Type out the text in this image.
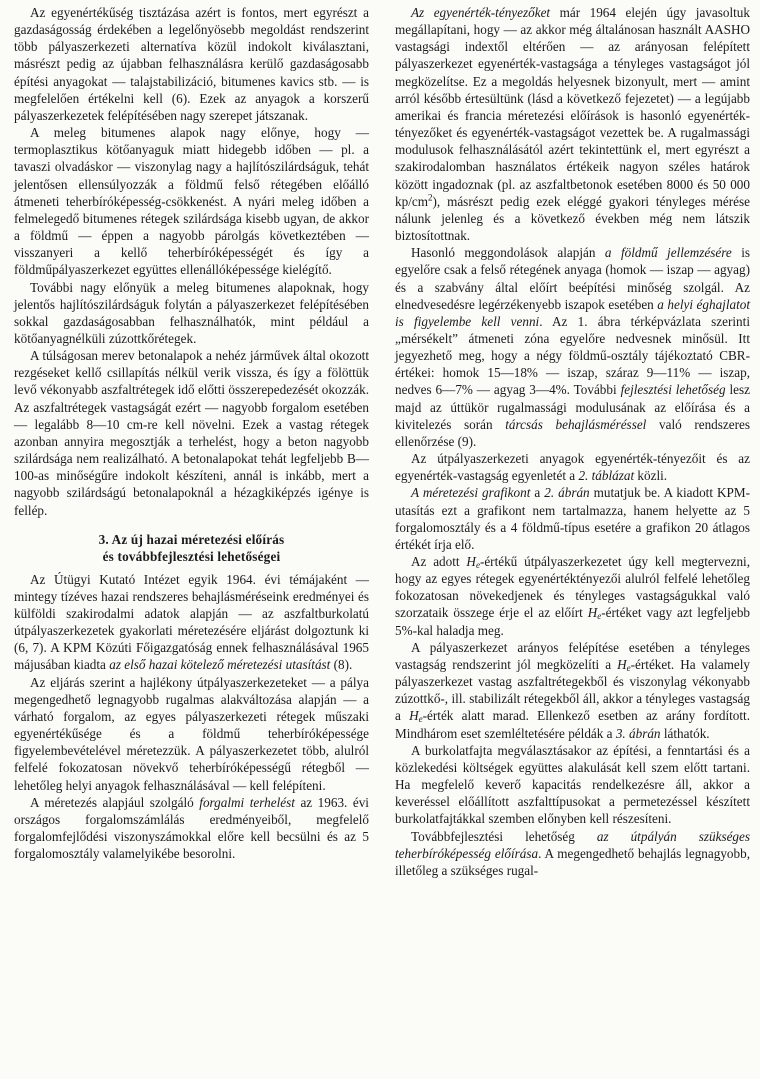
Az egyenértékűség tisztázása azért is fontos, mert egyrészt a gazdaságosság érdekében a legelőnyösebb megoldást rendszerint több pályaszerkezeti alternatíva közül indokolt kiválasztani, másrészt pedig az újabban felhasználásra kerülő gazdaságosabb építési anyagokat — talajstabilizáció, bitumenes kavics stb. — is megfelelően értékelni kell (6). Ezek az anyagok a korszerű pályaszerkezetek felépítésében nagy szerepet játszanak.

A meleg bitumenes alapok nagy előnye, hogy — termoplasztikus kötőanyaguk miatt hidegebb időben — pl. a tavaszi olvadáskor — viszonylag nagy a hajlítószilárdságuk, tehát jelentősen ellensúlyozzák a földmű felső rétegében előálló átmeneti teherbíróképesség-csökkenést. A nyári meleg időben a felmelegedő bitumenes rétegek szilárdsága kisebb ugyan, de akkor a földmű — éppen a nagyobb párolgás következtében — visszanyeri a kellő teherbíróképességét és így a földműpályaszerkezet együttes ellenállóképessége kielégítő.

További nagy előnyük a meleg bitumenes alapoknak, hogy jelentős hajlítószilárdságuk folytán a pályaszerkezet felépítésében sokkal gazdaságosabban felhasználhatók, mint például a kötőanyagnélküli zúzottkőrétegek.

A túlságosan merev betonalapok a nehéz járművek által okozott rezgéseket kellő csillapítás nélkül verik vissza, és így a fölöttük levő vékonyabb aszfaltrétegek idő előtti összerepedezését okozzák. Az aszfaltrétegek vastagságát ezért — nagyobb forgalom esetében — legalább 8—10 cm-re kell növelni. Ezek a vastag rétegek azonban annyira megosztják a terhelést, hogy a beton nagyobb szilárdsága nem realizálható. A betonalapokat tehát legfeljebb B—100-as minőségűre indokolt készíteni, annál is inkább, mert a nagyobb szilárdságú betonalapoknál a hézagkiképzés igénye is fellép.

3. Az új hazai méretezési előírás
és továbbfejlesztési lehetőségei

Az Útügyi Kutató Intézet egyik 1964. évi témájaként — mintegy tízéves hazai rendszeres behajlásméréseink eredményei és külföldi szakirodalmi adatok alapján — az aszfaltburkolatú útpályaszerkezetek gyakorlati méretezésére eljárást dolgoztunk ki (6, 7). A KPM Közúti Főigazgatóság ennek felhasználásával 1965 májusában kiadta az első hazai kötelező méretezési utasítást (8).

Az eljárás szerint a hajlékony útpályaszerkezeteket — a pálya megengedhető legnagyobb rugalmas alakváltozása alapján — a várható forgalom, az egyes pályaszerkezeti rétegek műszaki egyenértékűsége és a földmű teherbíróképessége figyelembevételével méretezzük. A pályaszerkezetet több, alulról felfelé fokozatosan növekvő teherbíróképességű rétegből — lehetőleg helyi anyagok felhasználásával — kell felépíteni.

A méretezés alapjául szolgáló forgalmi terhelést az 1963. évi országos forgalomszámlálás eredményeiből, megfelelő forgalomfejlődési viszonyszámokkal előre kell becsülni és az 5 forgalomosztály valamelyikébe besorolni.

Az egyenérték-tényezőket már 1964 elején úgy javasoltuk megállapítani, hogy — az akkor még általánosan használt AASHO vastagsági indextől eltérően — az arányosan felépített pályaszerkezet egyenérték-vastagsága a tényleges vastagságot jól megközelítse. Ez a megoldás helyesnek bizonyult, mert — amint arról később értesültünk (lásd a következő fejezetet) — a legújabb amerikai és francia méretezési előírások is hasonló egyenérték-tényezőket és egyenérték-vastagságot vezettek be. A rugalmassági modulusok felhasználásától azért tekintettünk el, mert egyrészt a szakirodalomban használatos értékeik nagyon széles határok között ingadoznak (pl. az aszfaltbetonok esetében 8000 és 50 000 $kp/cm^2$), másrészt pedig ezek eléggé gyakori tényleges mérése nálunk jelenleg és a következő években még nem látszik biztosítottnak.

Hasonló meggondolások alapján a földmű jellemzésére is egyelőre csak a felső rétegének anyaga (homok — iszap — agyag) és a szabvány által előírt beépítési minőség szolgál. Az elnedvesedésre legérzékenyebb iszapok esetében a helyi éghajlatot is figyelembe kell venni. Az 1. ábra térképvázlata szerinti „mérsékelt” átmeneti zóna egyelőre nedvesnek minősül. Itt jegyezhető meg, hogy a négy földmű-osztály tájékoztató CBR-értékei: homok 15—18% — iszap, száraz 9—11% — iszap, nedves 6—7% — agyag 3—4%. További fejlesztési lehetőség lesz majd az úttükör rugalmassági modulusának az előírása és a kivitelezés során tárcsás behajlásméréssel való rendszeres ellenőrzése (9).

Az útpályaszerkezeti anyagok egyenérték-tényezőit és az egyenérték-vastagság egyenletét a 2. táblázat közli.

A méretezési grafikont a 2. ábrán mutatjuk be. A kiadott KPM-utasítás ezt a grafikont nem tartalmazza, hanem helyette az 5 forgalomosztály és a 4 földmű-típus esetére a grafikon 20 átlagos értékét írja elő.

Az adott $H_e$-értékű útpályaszerkezetet úgy kell megtervezni, hogy az egyes rétegek egyenértéktényezői alulról felfelé lehetőleg fokozatosan növekedjenek és tényleges vastagságukkal való szorzataik összege érje el az előírt $H_e$-értéket vagy azt legfeljebb 5%-kal haladja meg.

A pályaszerkezet arányos felépítése esetében a tényleges vastagság rendszerint jól megközelíti a $H_e$-értéket. Ha valamely pályaszerkezet vastag aszfaltrétegekből és viszonylag vékonyabb zúzottkő-, ill. stabilizált rétegekből áll, akkor a tényleges vastagság a $H_e$-érték alatt marad. Ellenkező esetben az arány fordított. Mindhárom eset szemléltetésére példák a 3. ábrán láthatók.

A burkolatfajta megválasztásakor az építési, a fenntartási és a közlekedési költségek együttes alakulását kell szem előtt tartani. Ha megfelelő keverő kapacitás rendelkezésre áll, akkor a keveréssel előállított aszfalttípusokat a permetezéssel készített burkolatfajtákkal szemben előnyben kell részesíteni.

Továbbfejlesztési lehetőség az útpályán szükséges teherbíróképesség előírása. A megengedhető behajlás legnagyobb, illetőleg a szükséges rugal-
